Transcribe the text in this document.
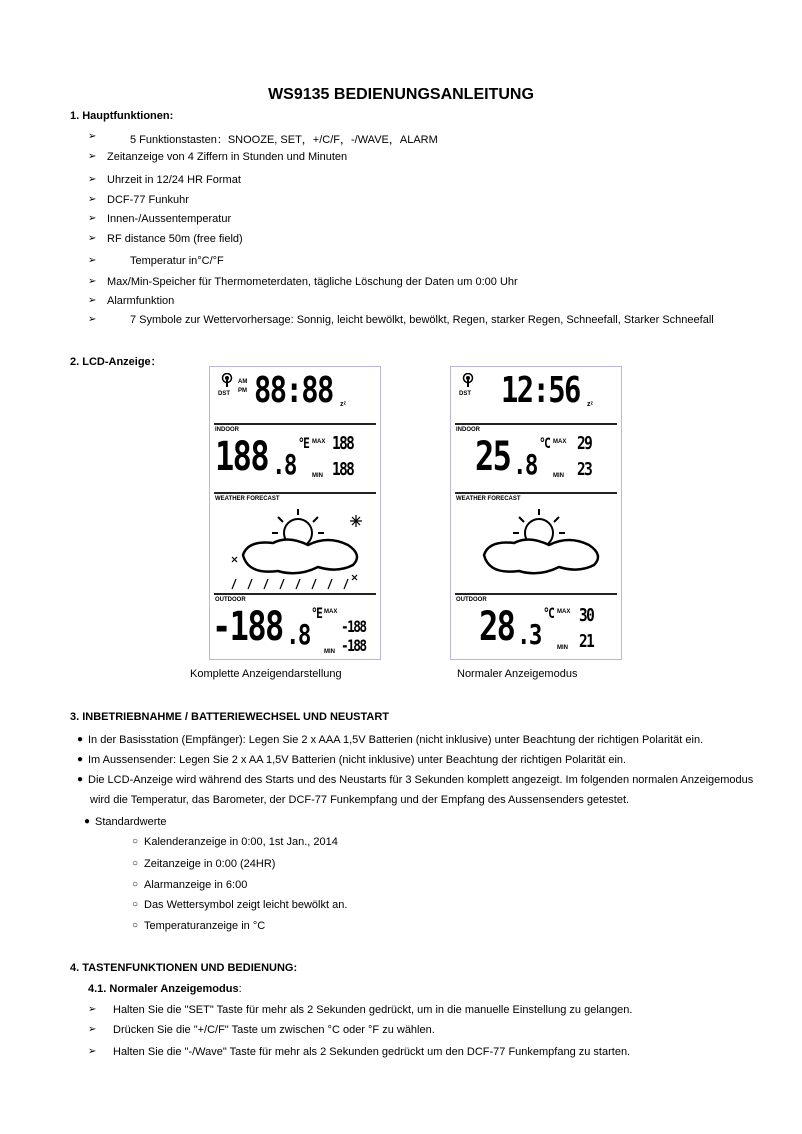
WS9135 BEDIENUNGSANLEITUNG
1. Hauptfunktionen:
2. LCD-Anzeige：
DST
AM
PM 88:88 zᶻ
INDOOR
188 .8
°E MAX 188
MIN 188
WEATHER FORECAST
OUTDOOR
-188 .8
°E MAX
-188
MIN -188
DST 12:56 zᶻ
INDOOR
25 .8
°C MAX 29
MIN 23
WEATHER FORECAST
OUTDOOR
28 .3
°C MAX 30
MIN 21
Komplette Anzeigendarstellung	Normaler Anzeigemodus
3. INBETRIEBNAHME / BATTERIEWECHSEL UND NEUSTART
4. TASTENFUNKTIONEN UND BEDIENUNG:
4.1. Normaler Anzeigemodus:
➢	5 Funktionstasten：SNOOZE, SET，+/C/F，-/WAVE，ALARM
➢ Zeitanzeige von 4 Ziffern in Stunden und Minuten
➢ Uhrzeit in 12/24 HR Format
➢ DCF-77 Funkuhr
➢ Innen-/Aussentemperatur
➢ RF distance 50m (free field)
➢	Temperatur in°C/°F
➢ Max/Min-Speicher für Thermometerdaten, tägliche Löschung der Daten um 0:00 Uhr
➢ Alarmfunktion
➢	7 Symbole zur Wettervorhersage: Sonnig, leicht bewölkt, bewölkt, Regen, starker Regen, Schneefall, Starker Schneefall
● In der Basisstation (Empfänger): Legen Sie 2 x AAA 1,5V Batterien (nicht inklusive) unter Beachtung der richtigen Polarität ein.
● Im Aussensender: Legen Sie 2 x AA 1,5V Batterien (nicht inklusive) unter Beachtung der richtigen Polarität ein.
● Die LCD-Anzeige wird während des Starts und des Neustarts für 3 Sekunden komplett angezeigt. Im folgenden normalen Anzeigemodus
wird die Temperatur, das Barometer, der DCF-77 Funkempfang und der Empfang des Aussensenders getestet.
● Standardwerte
○ Kalenderanzeige in 0:00, 1st Jan., 2014
○ Zeitanzeige in 0:00 (24HR)
○ Alarmanzeige in 6:00
○ Das Wettersymbol zeigt leicht bewölkt an.
○ Temperaturanzeige in °C
➢ Halten Sie die "SET" Taste für mehr als 2 Sekunden gedrückt, um in die manuelle Einstellung zu gelangen.
➢ Drücken Sie die "+/C/F" Taste um zwischen °C oder °F zu wählen.
➢ Halten Sie die "-/Wave" Taste für mehr als 2 Sekunden gedrückt um den DCF-77 Funkempfang zu starten.
